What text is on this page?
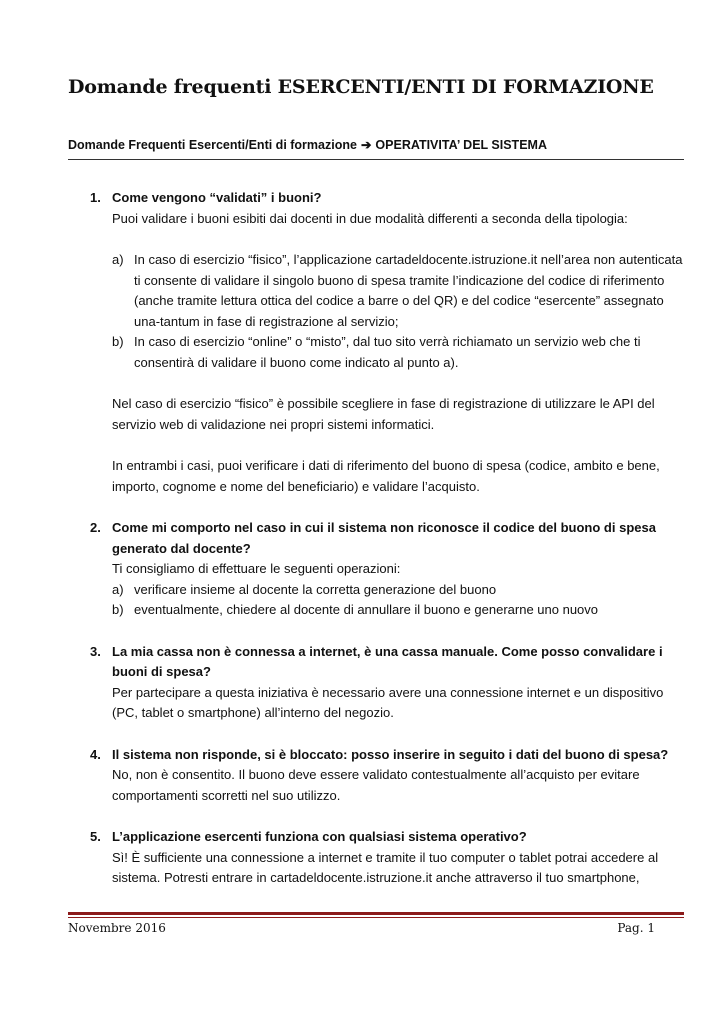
Domande frequenti ESERCENTI/ENTI DI FORMAZIONE
Domande Frequenti Esercenti/Enti di formazione ➔ OPERATIVITA’ DEL SISTEMA
1. Come vengono “validati” i buoni?
Puoi validare i buoni esibiti dai docenti in due modalità differenti a seconda della tipologia:
a) In caso di esercizio “fisico”, l’applicazione cartadeldocente.istruzione.it nell’area non autenticata ti consente di validare il singolo buono di spesa tramite l’indicazione del codice di riferimento (anche tramite lettura ottica del codice a barre o del QR) e del codice “esercente” assegnato una-tantum in fase di registrazione al servizio;
b) In caso di esercizio “online” o “misto”, dal tuo sito verrà richiamato un servizio web che ti consentirà di validare il buono come indicato al punto a).
Nel caso di esercizio “fisico” è possibile scegliere in fase di registrazione di utilizzare le API del servizio web di validazione nei propri sistemi informatici.
In entrambi i casi, puoi verificare i dati di riferimento del buono di spesa (codice, ambito e bene, importo, cognome e nome del beneficiario) e validare l’acquisto.
2. Come mi comporto nel caso in cui il sistema non riconosce il codice del buono di spesa generato dal docente?
Ti consigliamo di effettuare le seguenti operazioni:
a) verificare insieme al docente la corretta generazione del buono
b) eventualmente, chiedere al docente di annullare il buono e generarne uno nuovo
3. La mia cassa non è connessa a internet, è una cassa manuale. Come posso convalidare i buoni di spesa?
Per partecipare a questa iniziativa è necessario avere una connessione internet e un dispositivo (PC, tablet o smartphone) all’interno del negozio.
4. Il sistema non risponde, si è bloccato: posso inserire in seguito i dati del buono di spesa?
No, non è consentito. Il buono deve essere validato contestualmente all’acquisto per evitare comportamenti scorretti nel suo utilizzo.
5. L’applicazione esercenti funziona con qualsiasi sistema operativo?
Sì! È sufficiente una connessione a internet e tramite il tuo computer o tablet potrai accedere al sistema. Potresti entrare in cartadeldocente.istruzione.it anche attraverso il tuo smartphone,
Novembre 2016	Pag. 1
